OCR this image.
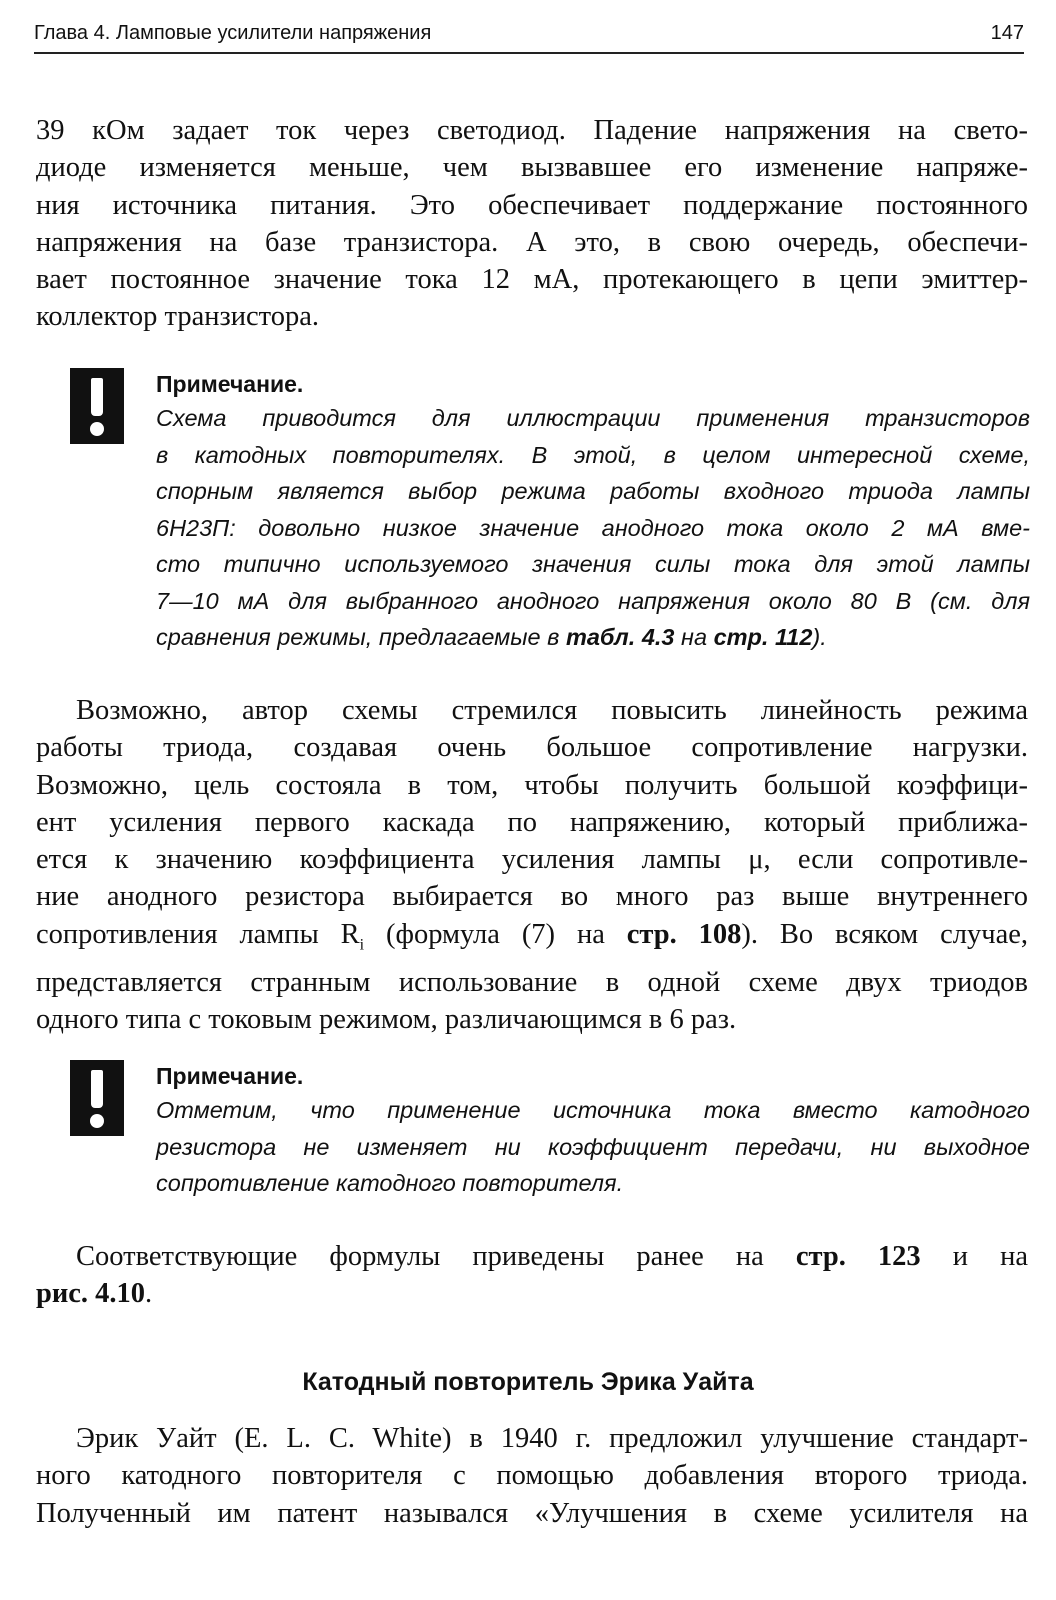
Глава 4. Ламповые усилители напряжения	147
39 кОм задает ток через светодиод. Падение напряжения на свето-
диоде изменяется меньше, чем вызвавшее его изменение напряже-
ния источника питания. Это обеспечивает поддержание постоянного
напряжения на базе транзистора. А это, в свою очередь, обеспечи-
вает постоянное значение тока 12 мА, протекающего в цепи эмиттер-
коллектор транзистора.
Примечание.
Схема приводится для иллюстрации применения транзисторов
в катодных повторителях. В этой, в целом интересной схеме,
спорным является выбор режима работы входного триода лампы
6Н23П: довольно низкое значение анодного тока около 2 мА вме-
сто типично используемого значения силы тока для этой лампы
7—10 мА для выбранного анодного напряжения около 80 В (см. для
сравнения режимы, предлагаемые в табл. 4.3 на стр. 112).
Возможно, автор схемы стремился повысить линейность режима
работы триода, создавая очень большое сопротивление нагрузки.
Возможно, цель состояла в том, чтобы получить большой коэффици-
ент усиления первого каскада по напряжению, который приближа-
ется к значению коэффициента усиления лампы μ, если сопротивле-
ние анодного резистора выбирается во много раз выше внутреннего
сопротивления лампы $R_i$ (формула (7) на стр. 108). Во всяком случае,
представляется странным использование в одной схеме двух триодов
одного типа с токовым режимом, различающимся в 6 раз.
Примечание.
Отметим, что применение источника тока вместо катодного
резистора не изменяет ни коэффициент передачи, ни выходное
сопротивление катодного повторителя.
Соответствующие формулы приведены ранее на стр. 123 и на
рис. 4.10.
Катодный повторитель Эрика Уайта
Эрик Уайт (E. L. C. White) в 1940 г. предложил улучшение стандарт-
ного катодного повторителя с помощью добавления второго триода.
Полученный им патент назывался «Улучшения в схеме усилителя на
